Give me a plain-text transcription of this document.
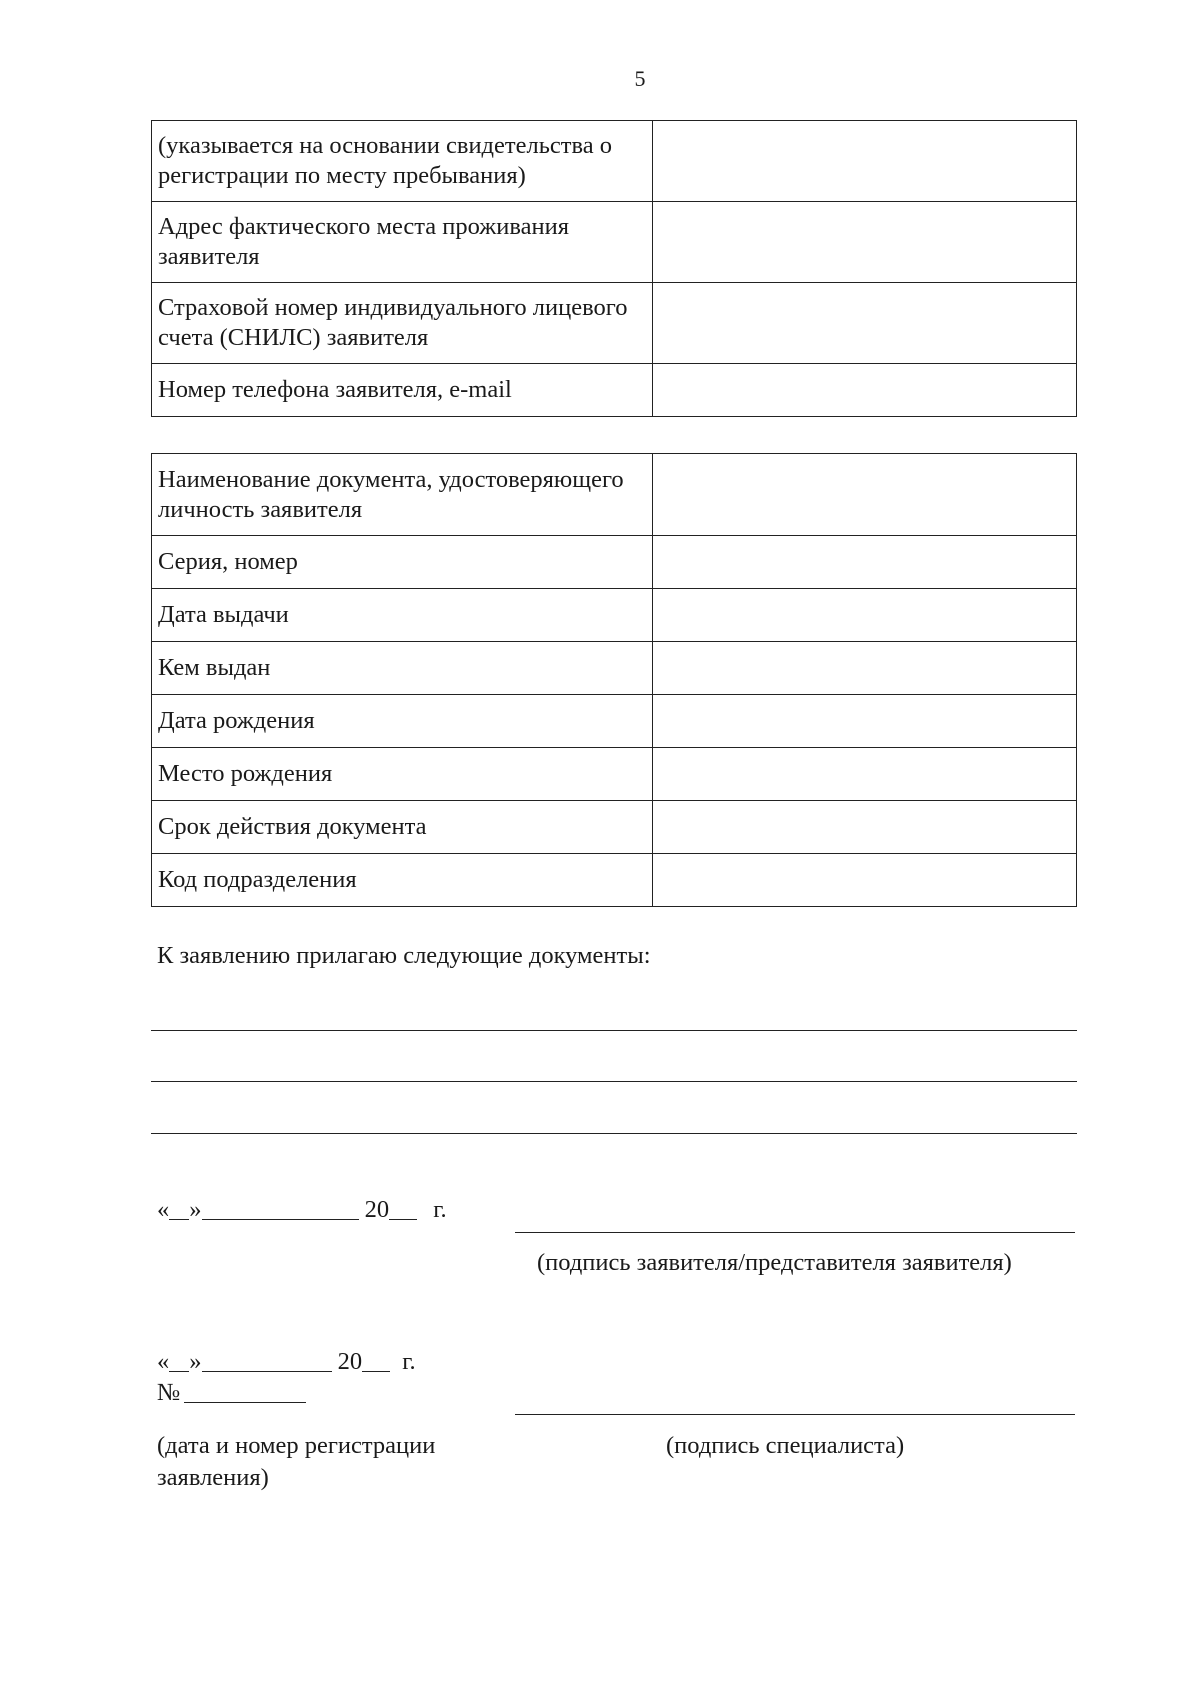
5
(указывается на основании свидетельства о регистрации по месту пребывания)	
Адрес фактического места проживания заявителя	
Страховой номер индивидуального лицевого счета (СНИЛС) заявителя	
Номер телефона заявителя, e-mail	
Наименование документа, удостоверяющего личность заявителя	
Серия, номер	
Дата выдачи	
Кем выдан	
Дата рождения	
Место рождения	
Срок действия документа	
Код подразделения	
К заявлению прилагаю следующие документы:
« »	20 г.
(подпись заявителя/представителя заявителя)
« »	20 г.
№
(дата и номер регистрации заявления)
(подпись специалиста)
